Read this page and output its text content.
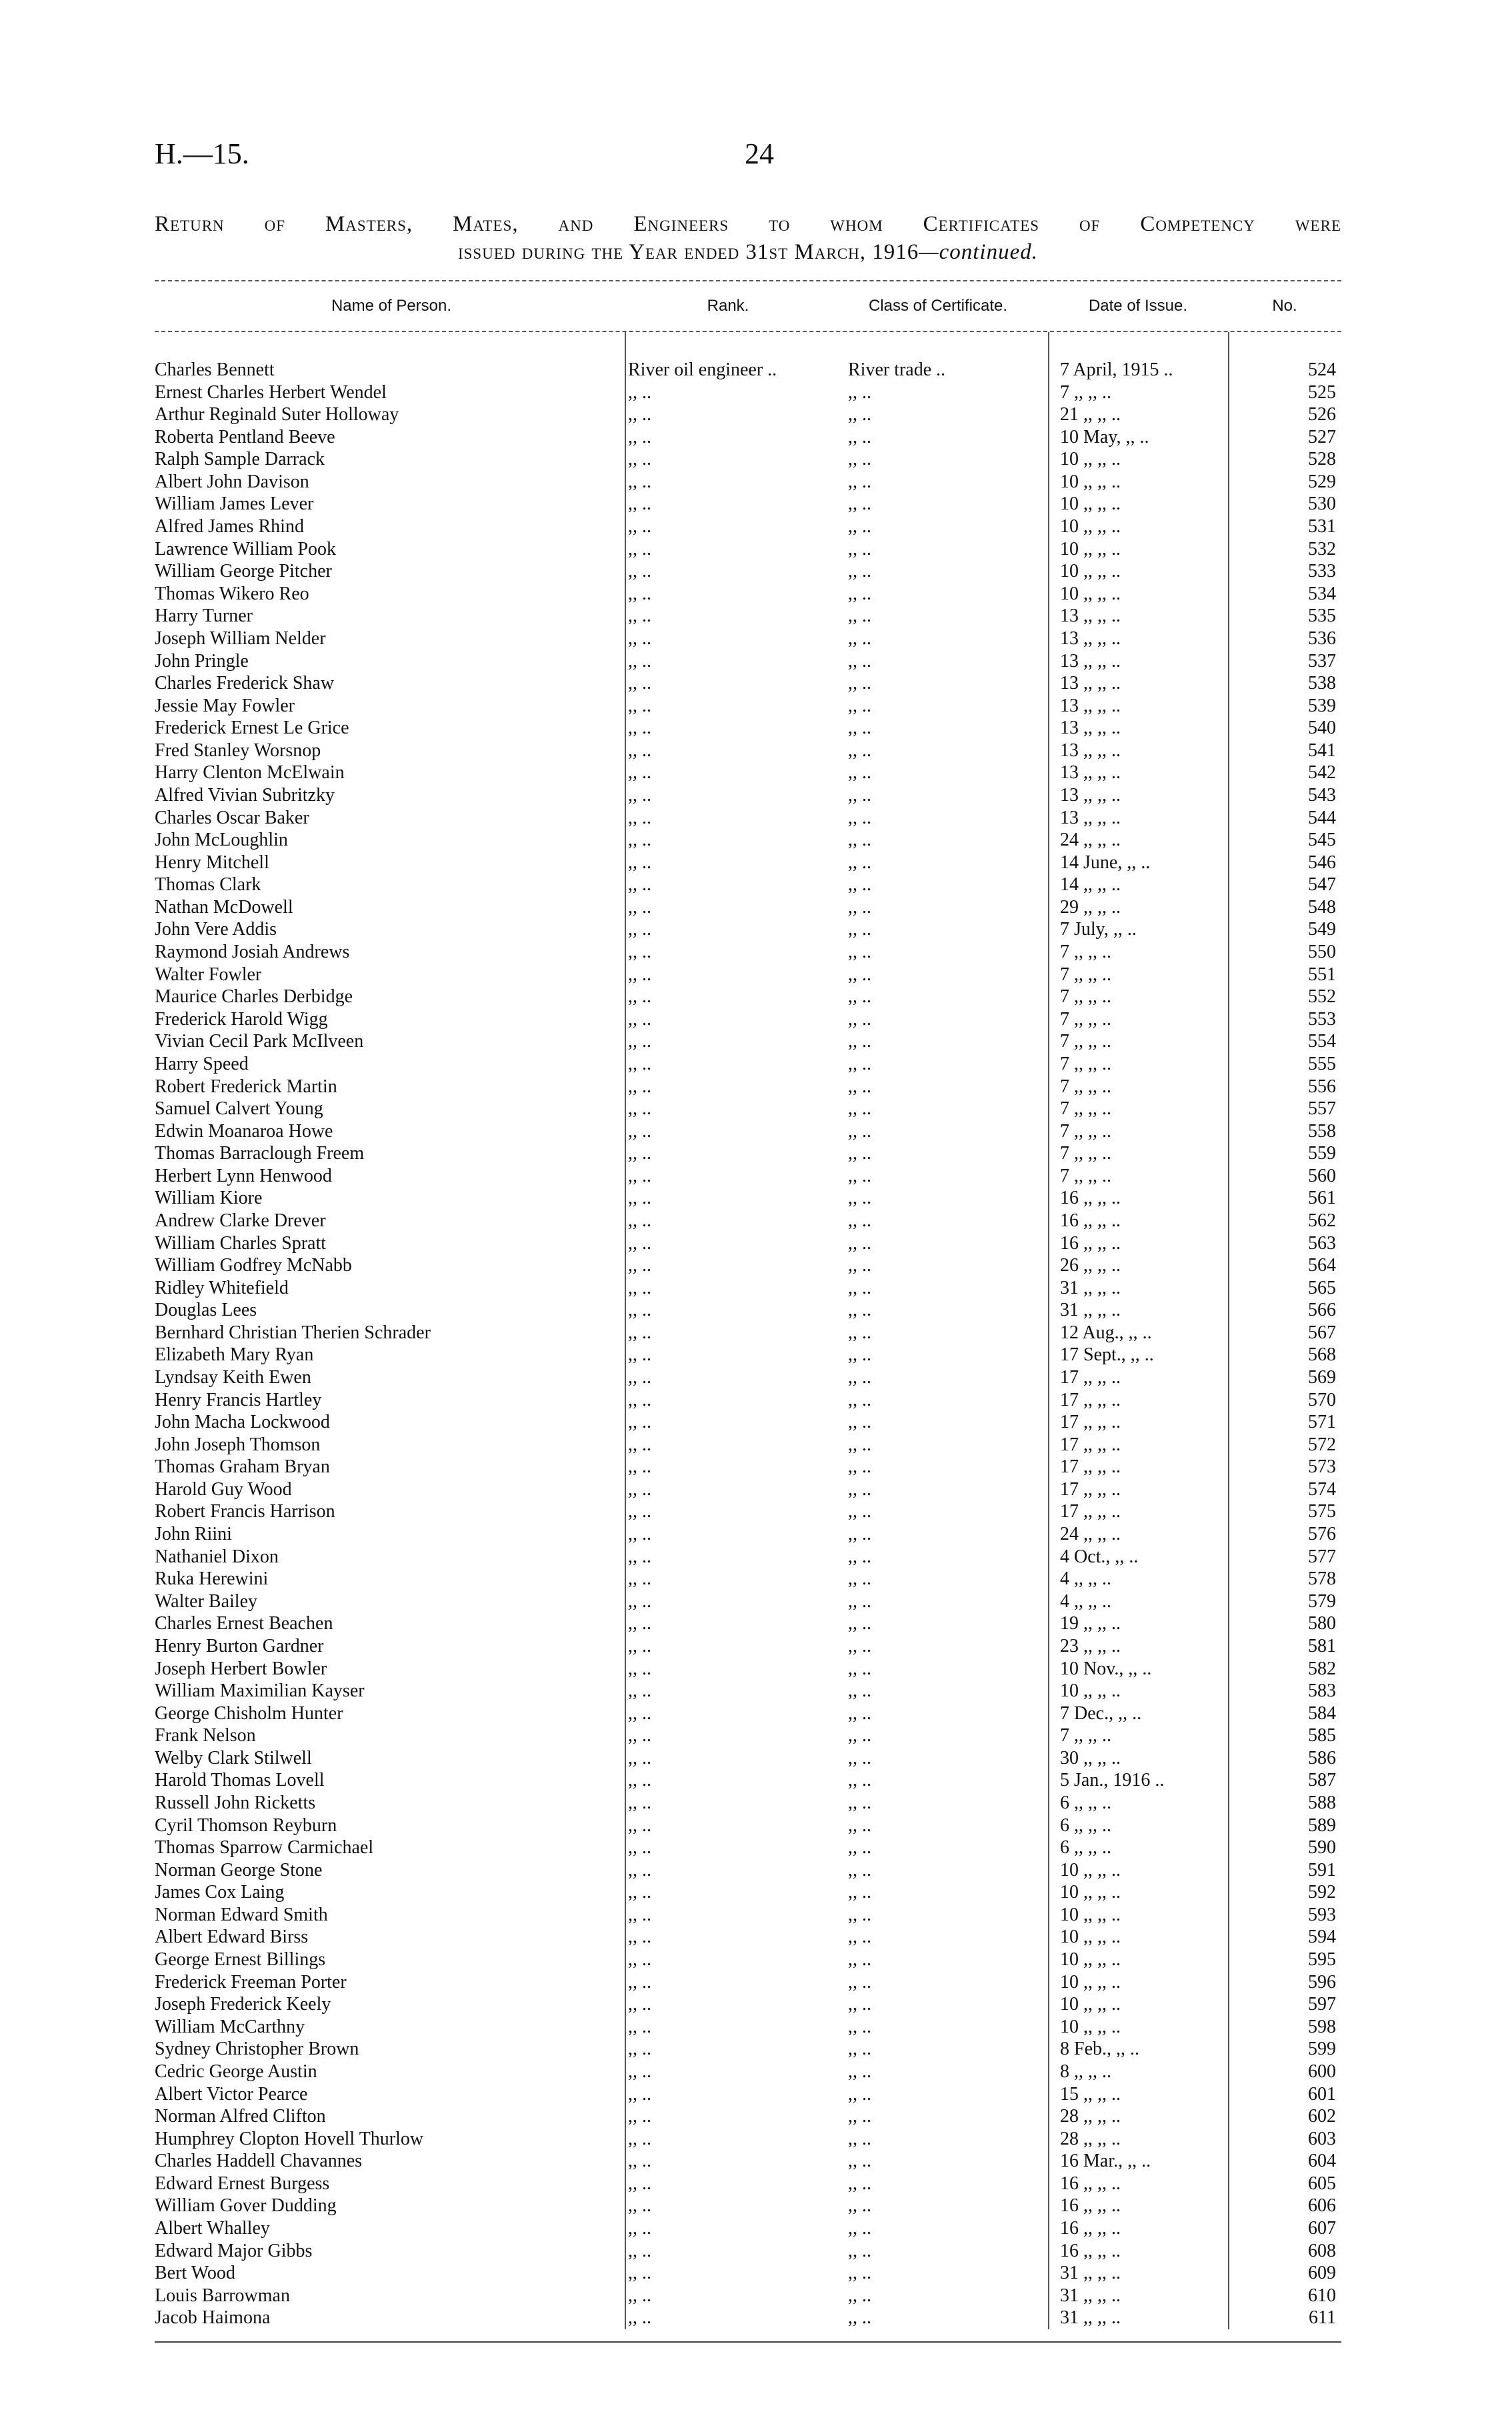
H.—15.	24
Return of Masters, Mates, and Engineers to whom Certificates of Competency were
issued during the Year ended 31st March, 1916—continued.
Name of Person.	Rank.	Class of Certificate.	Date of Issue.	No.
Charles Bennett	River oil engineer ..	River trade ..	7 April, 1915 ..	524
Ernest Charles Herbert Wendel	,, ..	,, ..	7 ,, ,, ..	525
Arthur Reginald Suter Holloway	,, ..	,, ..	21 ,, ,, ..	526
Roberta Pentland Beeve	,, ..	,, ..	10 May, ,, ..	527
Ralph Sample Darrack	,, ..	,, ..	10 ,, ,, ..	528
Albert John Davison	,, ..	,, ..	10 ,, ,, ..	529
William James Lever	,, ..	,, ..	10 ,, ,, ..	530
Alfred James Rhind	,, ..	,, ..	10 ,, ,, ..	531
Lawrence William Pook	,, ..	,, ..	10 ,, ,, ..	532
William George Pitcher	,, ..	,, ..	10 ,, ,, ..	533
Thomas Wikero Reo	,, ..	,, ..	10 ,, ,, ..	534
Harry Turner	,, ..	,, ..	13 ,, ,, ..	535
Joseph William Nelder	,, ..	,, ..	13 ,, ,, ..	536
John Pringle	,, ..	,, ..	13 ,, ,, ..	537
Charles Frederick Shaw	,, ..	,, ..	13 ,, ,, ..	538
Jessie May Fowler	,, ..	,, ..	13 ,, ,, ..	539
Frederick Ernest Le Grice	,, ..	,, ..	13 ,, ,, ..	540
Fred Stanley Worsnop	,, ..	,, ..	13 ,, ,, ..	541
Harry Clenton McElwain	,, ..	,, ..	13 ,, ,, ..	542
Alfred Vivian Subritzky	,, ..	,, ..	13 ,, ,, ..	543
Charles Oscar Baker	,, ..	,, ..	13 ,, ,, ..	544
John McLoughlin	,, ..	,, ..	24 ,, ,, ..	545
Henry Mitchell	,, ..	,, ..	14 June, ,, ..	546
Thomas Clark	,, ..	,, ..	14 ,, ,, ..	547
Nathan McDowell	,, ..	,, ..	29 ,, ,, ..	548
John Vere Addis	,, ..	,, ..	7 July, ,, ..	549
Raymond Josiah Andrews	,, ..	,, ..	7 ,, ,, ..	550
Walter Fowler	,, ..	,, ..	7 ,, ,, ..	551
Maurice Charles Derbidge	,, ..	,, ..	7 ,, ,, ..	552
Frederick Harold Wigg	,, ..	,, ..	7 ,, ,, ..	553
Vivian Cecil Park McIlveen	,, ..	,, ..	7 ,, ,, ..	554
Harry Speed	,, ..	,, ..	7 ,, ,, ..	555
Robert Frederick Martin	,, ..	,, ..	7 ,, ,, ..	556
Samuel Calvert Young	,, ..	,, ..	7 ,, ,, ..	557
Edwin Moanaroa Howe	,, ..	,, ..	7 ,, ,, ..	558
Thomas Barraclough Freem	,, ..	,, ..	7 ,, ,, ..	559
Herbert Lynn Henwood	,, ..	,, ..	7 ,, ,, ..	560
William Kiore	,, ..	,, ..	16 ,, ,, ..	561
Andrew Clarke Drever	,, ..	,, ..	16 ,, ,, ..	562
William Charles Spratt	,, ..	,, ..	16 ,, ,, ..	563
William Godfrey McNabb	,, ..	,, ..	26 ,, ,, ..	564
Ridley Whitefield	,, ..	,, ..	31 ,, ,, ..	565
Douglas Lees	,, ..	,, ..	31 ,, ,, ..	566
Bernhard Christian Therien Schrader	,, ..	,, ..	12 Aug., ,, ..	567
Elizabeth Mary Ryan	,, ..	,, ..	17 Sept., ,, ..	568
Lyndsay Keith Ewen	,, ..	,, ..	17 ,, ,, ..	569
Henry Francis Hartley	,, ..	,, ..	17 ,, ,, ..	570
John Macha Lockwood	,, ..	,, ..	17 ,, ,, ..	571
John Joseph Thomson	,, ..	,, ..	17 ,, ,, ..	572
Thomas Graham Bryan	,, ..	,, ..	17 ,, ,, ..	573
Harold Guy Wood	,, ..	,, ..	17 ,, ,, ..	574
Robert Francis Harrison	,, ..	,, ..	17 ,, ,, ..	575
John Riini	,, ..	,, ..	24 ,, ,, ..	576
Nathaniel Dixon	,, ..	,, ..	4 Oct., ,, ..	577
Ruka Herewini	,, ..	,, ..	4 ,, ,, ..	578
Walter Bailey	,, ..	,, ..	4 ,, ,, ..	579
Charles Ernest Beachen	,, ..	,, ..	19 ,, ,, ..	580
Henry Burton Gardner	,, ..	,, ..	23 ,, ,, ..	581
Joseph Herbert Bowler	,, ..	,, ..	10 Nov., ,, ..	582
William Maximilian Kayser	,, ..	,, ..	10 ,, ,, ..	583
George Chisholm Hunter	,, ..	,, ..	7 Dec., ,, ..	584
Frank Nelson	,, ..	,, ..	7 ,, ,, ..	585
Welby Clark Stilwell	,, ..	,, ..	30 ,, ,, ..	586
Harold Thomas Lovell	,, ..	,, ..	5 Jan., 1916 ..	587
Russell John Ricketts	,, ..	,, ..	6 ,, ,, ..	588
Cyril Thomson Reyburn	,, ..	,, ..	6 ,, ,, ..	589
Thomas Sparrow Carmichael	,, ..	,, ..	6 ,, ,, ..	590
Norman George Stone	,, ..	,, ..	10 ,, ,, ..	591
James Cox Laing	,, ..	,, ..	10 ,, ,, ..	592
Norman Edward Smith	,, ..	,, ..	10 ,, ,, ..	593
Albert Edward Birss	,, ..	,, ..	10 ,, ,, ..	594
George Ernest Billings	,, ..	,, ..	10 ,, ,, ..	595
Frederick Freeman Porter	,, ..	,, ..	10 ,, ,, ..	596
Joseph Frederick Keely	,, ..	,, ..	10 ,, ,, ..	597
William McCarthny	,, ..	,, ..	10 ,, ,, ..	598
Sydney Christopher Brown	,, ..	,, ..	8 Feb., ,, ..	599
Cedric George Austin	,, ..	,, ..	8 ,, ,, ..	600
Albert Victor Pearce	,, ..	,, ..	15 ,, ,, ..	601
Norman Alfred Clifton	,, ..	,, ..	28 ,, ,, ..	602
Humphrey Clopton Hovell Thurlow	,, ..	,, ..	28 ,, ,, ..	603
Charles Haddell Chavannes	,, ..	,, ..	16 Mar., ,, ..	604
Edward Ernest Burgess	,, ..	,, ..	16 ,, ,, ..	605
William Gover Dudding	,, ..	,, ..	16 ,, ,, ..	606
Albert Whalley	,, ..	,, ..	16 ,, ,, ..	607
Edward Major Gibbs	,, ..	,, ..	16 ,, ,, ..	608
Bert Wood	,, ..	,, ..	31 ,, ,, ..	609
Louis Barrowman	,, ..	,, ..	31 ,, ,, ..	610
Jacob Haimona	,, ..	,, ..	31 ,, ,, ..	611
